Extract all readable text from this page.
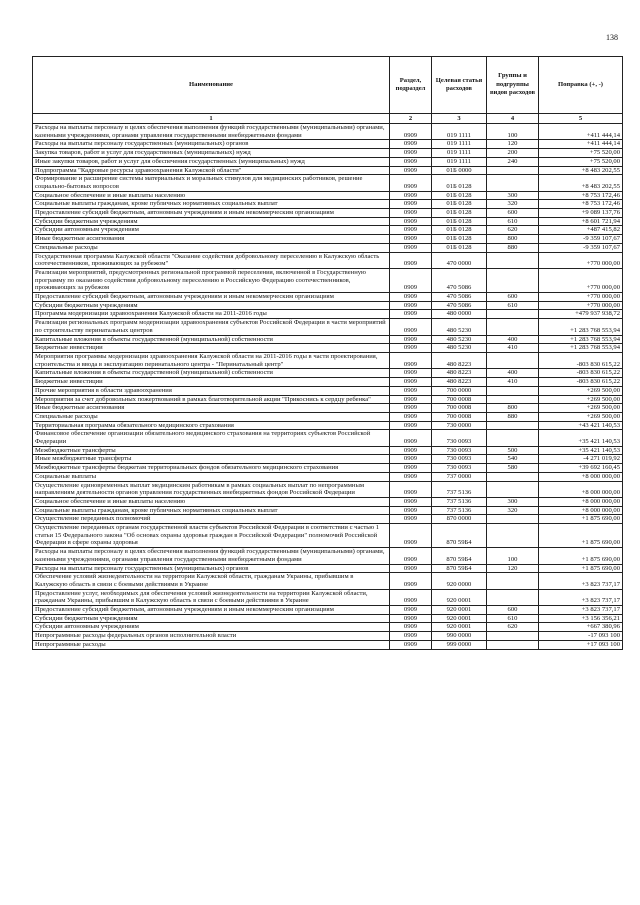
138
Наименование	Раздел, подраздел	Целевая статья расходов	Группы и подгруппы видов расходов	Поправка (+, -)
1	2	3	4	5
Расходы на выплаты персоналу в целях обеспечения выполнения функций государственными (муниципальными) органами, казенными учреждениями, органами управления государственными внебюджетными фондами	0909	019 1111	100	+411 444,14
Расходы на выплаты персоналу государственных (муниципальных) органов	0909	019 1111	120	+411 444,14
Закупка товаров, работ и услуг для государственных (муниципальных) нужд	0909	019 1111	200	+75 520,00
Иные закупки товаров, работ и услуг для обеспечения государственных (муниципальных) нужд	0909	019 1111	240	+75 520,00
Подпрограмма "Кадровые ресурсы здравоохранения Калужской области"	0909	01Б 0000		+8 483 202,55
Формирование и расширение системы материальных и моральных стимулов для медицинских работников, решение социально-бытовых вопросов	0909	01Б 0128		+8 483 202,55
Социальное обеспечение и иные выплаты населению	0909	01Б 0128	300	+8 753 172,46
Социальные выплаты гражданам, кроме публичных нормативных социальных выплат	0909	01Б 0128	320	+8 753 172,46
Предоставление субсидий бюджетным, автономным учреждениям и иным некоммерческим организациям	0909	01Б 0128	600	+9 089 137,76
Субсидии бюджетным учреждениям	0909	01Б 0128	610	+8 601 721,94
Субсидии автономным учреждениям	0909	01Б 0128	620	+487 415,82
Иные бюджетные ассигнования	0909	01Б 0128	800	-9 359 107,67
Специальные расходы	0909	01Б 0128	880	-9 359 107,67
Государственная программа Калужской области "Оказание содействия добровольному переселению в Калужскую область соотечественников, проживающих за рубежом"	0909	470 0000		+770 000,00
Реализация мероприятий, предусмотренных региональной программой переселения, включенной в Государственную программу по оказанию содействия добровольному переселению в Российскую Федерацию соотечественников, проживающих за рубежом	0909	470 5086		+770 000,00
Предоставление субсидий бюджетным, автономным учреждениям и иным некоммерческим организациям	0909	470 5086	600	+770 000,00
Субсидии бюджетным учреждениям	0909	470 5086	610	+770 000,00
Программа модернизации здравоохранения Калужской области на 2011-2016 годы	0909	480 0000		+479 937 938,72
Реализация региональных программ модернизации здравоохранения субъектов Российской Федерации в части мероприятий по строительству перинатальных центров	0909	480 5230		+1 283 768 553,94
Капитальные вложения в объекты государственной (муниципальной) собственности	0909	480 5230	400	+1 283 768 553,94
Бюджетные инвестиции	0909	480 5230	410	+1 283 768 553,94
Мероприятия программы модернизации здравоохранения Калужской области на 2011-2016 годы в части проектирования, строительства и ввода в эксплуатацию перинатального центра - "Перинатальный центр"	0909	480 8223		-803 830 615,22
Капитальные вложения в объекты государственной (муниципальной) собственности	0909	480 8223	400	-803 830 615,22
Бюджетные инвестиции	0909	480 8223	410	-803 830 615,22
Прочие мероприятия в области здравоохранения	0909	700 0000		+269 500,00
Мероприятия за счет добровольных пожертвований в рамках благотворительной акции "Прикоснись к сердцу ребенка"	0909	700 0008		+269 500,00
Иные бюджетные ассигнования	0909	700 0008	800	+269 500,00
Специальные расходы	0909	700 0008	880	+269 500,00
Территориальная программа обязательного медицинского страхования	0909	730 0000		+43 421 140,53
Финансовое обеспечение организации обязательного медицинского страхования на территориях субъектов Российской Федерации	0909	730 0093		+35 421 140,53
Межбюджетные трансферты	0909	730 0093	500	+35 421 140,53
Иные межбюджетные трансферты	0909	730 0093	540	-4 271 019,92
Межбюджетные трансферты бюджетам территориальных фондов обязательного медицинского страхования	0909	730 0093	580	+39 692 160,45
Социальные выплаты	0909	737 0000		+8 000 000,00
Осуществление единовременных выплат медицинским работникам в рамках социальных выплат по непрограммным направлениям деятельности органов управления государственных внебюджетных фондов Российской Федерации	0909	737 5136		+8 000 000,00
Социальное обеспечение и иные выплаты населению	0909	737 5136	300	+8 000 000,00
Социальные выплаты гражданам, кроме публичных нормативных социальных выплат	0909	737 5136	320	+8 000 000,00
Осуществление переданных полномочий	0909	870 0000		+1 875 690,00
Осуществление переданных органам государственной власти субъектов Российской Федерации в соответствии с частью 1 статьи 15 Федерального закона "Об основах охраны здоровья граждан в Российской Федерации" полномочий Российской Федерации в сфере охраны здоровья	0909	870 59Б4		+1 875 690,00
Расходы на выплаты персоналу в целях обеспечения выполнения функций государственными (муниципальными) органами, казенными учреждениями, органами управления государственными внебюджетными фондами	0909	870 59Б4	100	+1 875 690,00
Расходы на выплаты персоналу государственных (муниципальных) органов	0909	870 59Б4	120	+1 875 690,00
Обеспечение условий жизнедеятельности на территории Калужской области, гражданам Украины, прибывшим в Калужскую область в связи с боевыми действиями в Украине	0909	920 0000		+3 823 737,17
Предоставление услуг, необходимых для обеспечения условий жизнедеятельности на территории Калужской области, гражданам Украины, прибывшим в Калужскую область в связи с боевыми действиями в Украине	0909	920 0001		+3 823 737,17
Предоставление субсидий бюджетным, автономным учреждениям и иным некоммерческим организациям	0909	920 0001	600	+3 823 737,17
Субсидии бюджетным учреждениям	0909	920 0001	610	+3 156 356,21
Субсидии автономным учреждениям	0909	920 0001	620	+667 380,96
Непрограммные расходы федеральных органов исполнительной власти	0909	990 0000		-17 093 100
Непрограммные расходы	0909	999 0000		+17 093 100
